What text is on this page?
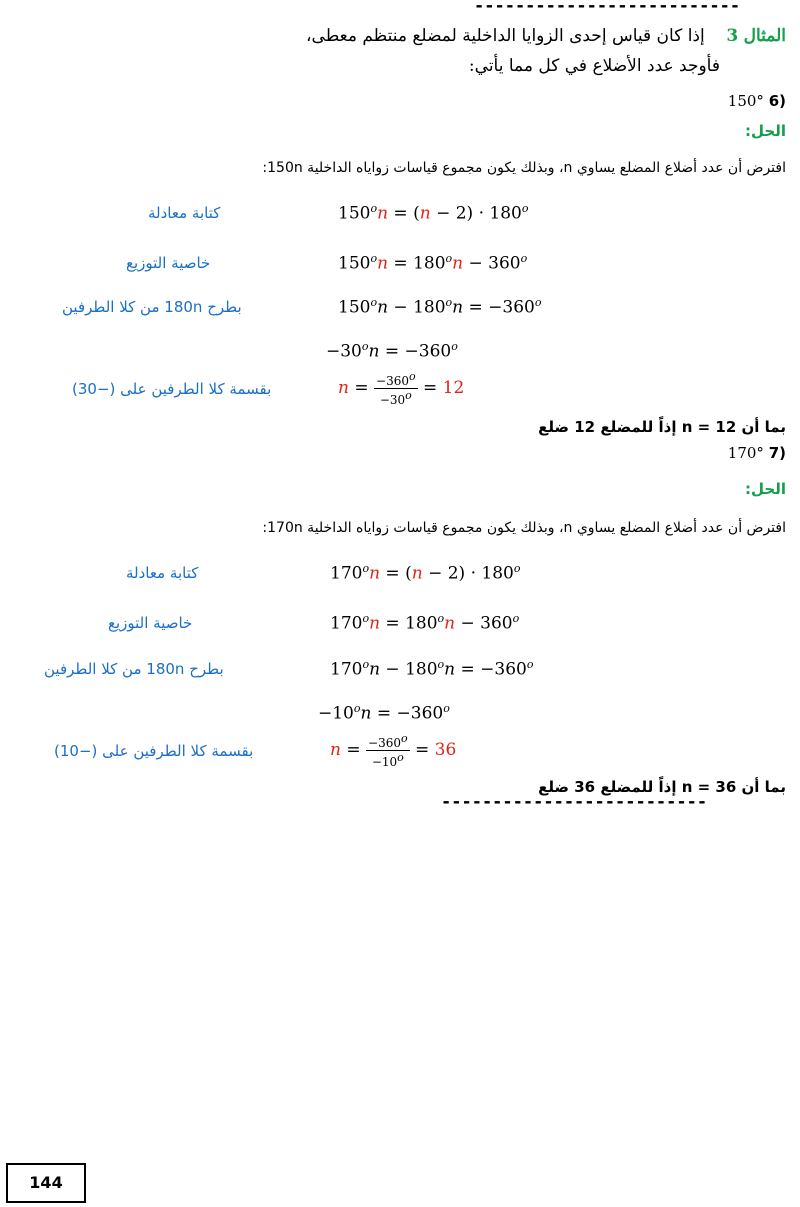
--------------------------
المثال 3    إذا كان قياس إحدى الزوايا الداخلية لمضلع منتظم معطى،
فأوجد عدد الأضلاع في كل مما يأتي:
150° 6)
الحل:
افترض أن عدد أضلاع المضلع يساوي n، وبذلك يكون مجموع قياسات زواياه الداخلية 150n:
كتابة معادلة	$150^on = (n - 2) \cdot 180^o$
خاصية التوزيع	$150^on = 180^on - 360^o$
بطرح 180n من كلا الطرفين	$150^on - 180^on = -360^o$
$-30^on = -360^o$
بقسمة كلا الطرفين على (−30)	$n = \frac{-360^o}{-30^o} = 12$
بما أن n = 12 إذاً للمضلع 12 ضلع
170° 7)
الحل:
افترض أن عدد أضلاع المضلع يساوي n، وبذلك يكون مجموع قياسات زواياه الداخلية 170n:
كتابة معادلة	$170^on = (n - 2) \cdot 180^o$
خاصية التوزيع	$170^on = 180^on - 360^o$
بطرح 180n من كلا الطرفين	$170^on - 180^on = -360^o$
$-10^on = -360^o$
بقسمة كلا الطرفين على (−10)	$n = \frac{-360^o}{-10^o} = 36$
بما أن n = 36 إذاً للمضلع 36 ضلع
--------------------------
144
